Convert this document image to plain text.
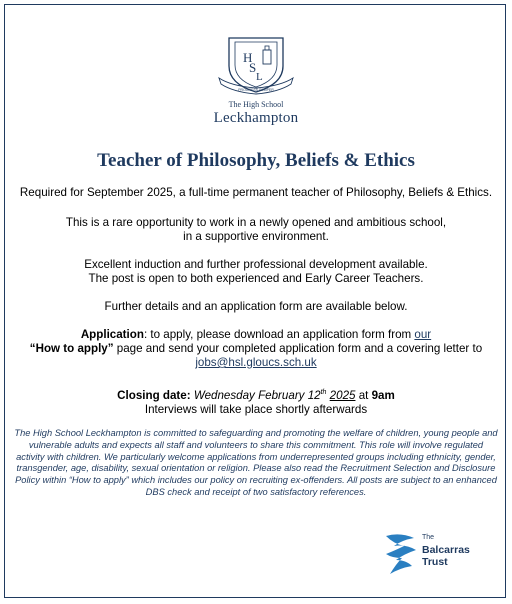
H
S
L
PROGRESS SEMPER
The High School
Leckhampton
Teacher of Philosophy, Beliefs & Ethics
Required for September 2025, a full-time permanent teacher of Philosophy, Beliefs & Ethics.
This is a rare opportunity to work in a newly opened and ambitious school,
in a supportive environment.
Excellent induction and further professional development available.
The post is open to both experienced and Early Career Teachers.
Further details and an application form are available below.
Application: to apply, please download an application form from our
“How to apply” page and send your completed application form and a covering letter to
jobs@hsl.gloucs.sch.uk
Closing date: Wednesday February 12th 2025 at 9am
Interviews will take place shortly afterwards
The High School Leckhampton is committed to safeguarding and promoting the welfare of children, young people and vulnerable adults and expects all staff and volunteers to share this commitment. This role will involve regulated activity with children. We particularly welcome applications from underrepresented groups including ethnicity, gender, transgender, age, disability, sexual orientation or religion. Please also read the Recruitment Selection and Disclosure Policy within “How to apply” which includes our policy on recruiting ex-offenders. All posts are subject to an enhanced DBS check and receipt of two satisfactory references.
The
Balcarras
Trust
